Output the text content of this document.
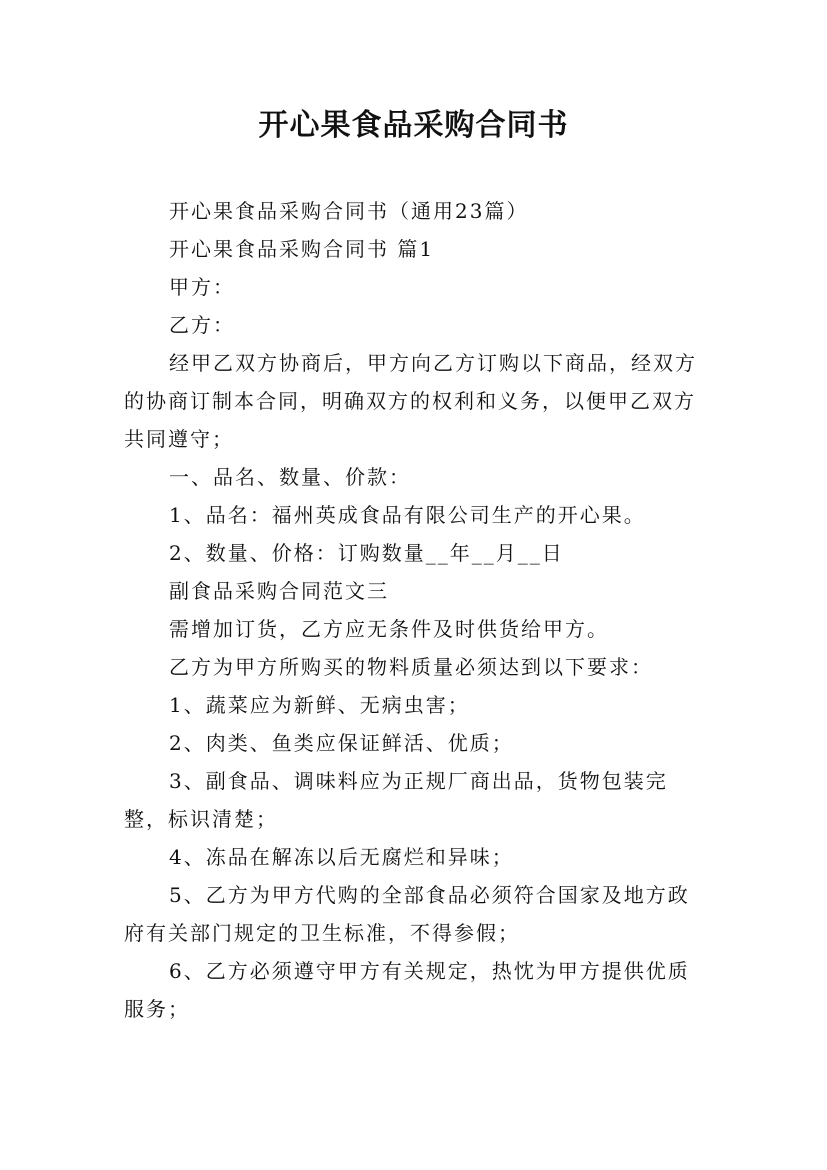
开心果食品采购合同书

开心果食品采购合同书（通用23篇）

开心果食品采购合同书 篇1

甲方：

乙方：

经甲乙双方协商后，甲方向乙方订购以下商品，经双方的协商订制本合同，明确双方的权利和义务，以便甲乙双方共同遵守；

一、品名、数量、价款：

1、品名：福州英成食品有限公司生产的开心果。

2、数量、价格：订购数量__年__月__日

副食品采购合同范文三

需增加订货，乙方应无条件及时供货给甲方。

乙方为甲方所购买的物料质量必须达到以下要求：

1、蔬菜应为新鲜、无病虫害；

2、肉类、鱼类应保证鲜活、优质；

3、副食品、调味料应为正规厂商出品，货物包装完整，标识清楚；

4、冻品在解冻以后无腐烂和异味；

5、乙方为甲方代购的全部食品必须符合国家及地方政府有关部门规定的卫生标准，不得参假；

6、乙方必须遵守甲方有关规定，热忱为甲方提供优质服务；
